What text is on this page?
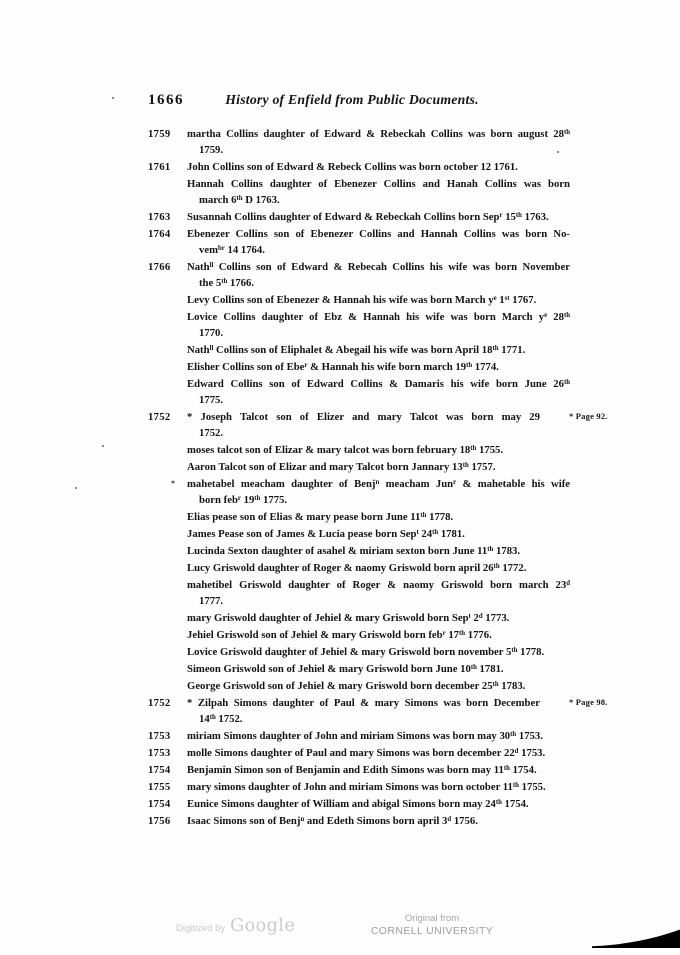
1666	History of Enfield from Public Documents.
1759	martha Collins daughter of Edward & Rebeckah Collins was born august 28th
1759.
1761	John Collins son of Edward & Rebeck Collins was born october 12 1761.
Hannah Collins daughter of Ebenezer Collins and Hanah Collins was born
march 6th D 1763.
1763	Susannah Collins daughter of Edward & Rebeckah Collins born Sep$^r$ 15th 1763.
1764	Ebenezer Collins son of Ebenezer Collins and Hannah Collins was born No-
vem$^{br}$ 14 1764.
1766	Nath$^{ll}$ Collins son of Edward & Rebecah Collins his wife was born November
the 5th 1766.
Levy Collins son of Ebenezer & Hannah his wife was born March $y^e$ 1st 1767.
Lovice Collins daughter of Ebz & Hannah his wife was born March $y^e$ 28th
1770.
Nath$^{ll}$ Collins son of Eliphalet & Abegail his wife was born April 18th 1771.
Elisher Collins son of Ebe$^r$ & Hannah his wife born march 19th 1774.
Edward Collins son of Edward Collins & Damaris his wife born June 26th
1775.
1752	* Joseph Talcot son of Elizer and mary Talcot was born may 29
1752.
* Page 92.
moses talcot son of Elizar & mary talcot was born february 18th 1755.
Aaron Talcot son of Elizar and mary Talcot born Jannary 13th 1757.
mahetabel meacham daughter of Benj$^n$ meacham Jun$^r$ & mahetable his wife
born feb$^r$ 19th 1775.
*
Elias pease son of Elias & mary pease born June 11th 1778.
James Pease son of James & Lucia pease born Sep$^t$ 24th 1781.
Lucinda Sexton daughter of asahel & miriam sexton born June 11th 1783.
Lucy Griswold daughter of Roger & naomy Griswold born april 26th 1772.
mahetibel Griswold daughter of Roger & naomy Griswold born march 23$^d$
1777.
mary Griswold daughter of Jehiel & mary Griswold born Sep$^t$ 2$^d$ 1773.
Jehiel Griswold son of Jehiel & mary Griswold born feb$^r$ 17th 1776.
Lovice Griswold daughter of Jehiel & mary Griswold born november 5th 1778.
Simeon Griswold son of Jehiel & mary Griswold born June 10th 1781.
George Griswold son of Jehiel & mary Griswold born december 25th 1783.
1752	* Zilpah Simons daughter of Paul & mary Simons was born December
14th 1752.
* Page 98.
1753	miriam Simons daughter of John and miriam Simons was born may 30th 1753.
1753	molle Simons daughter of Paul and mary Simons was born december 22$^d$ 1753.
1754	Benjamin Simon son of Benjamin and Edith Simons was born may 11th 1754.
1755	mary simons daughter of John and miriam Simons was born october 11th 1755.
1754	Eunice Simons daughter of William and abigal Simons born may 24th 1754.
1756	Isaac Simons son of Benj$^n$ and Edeth Simons born april 3$^d$ 1756.
Digitized by Google	Original from
CORNELL UNIVERSITY
